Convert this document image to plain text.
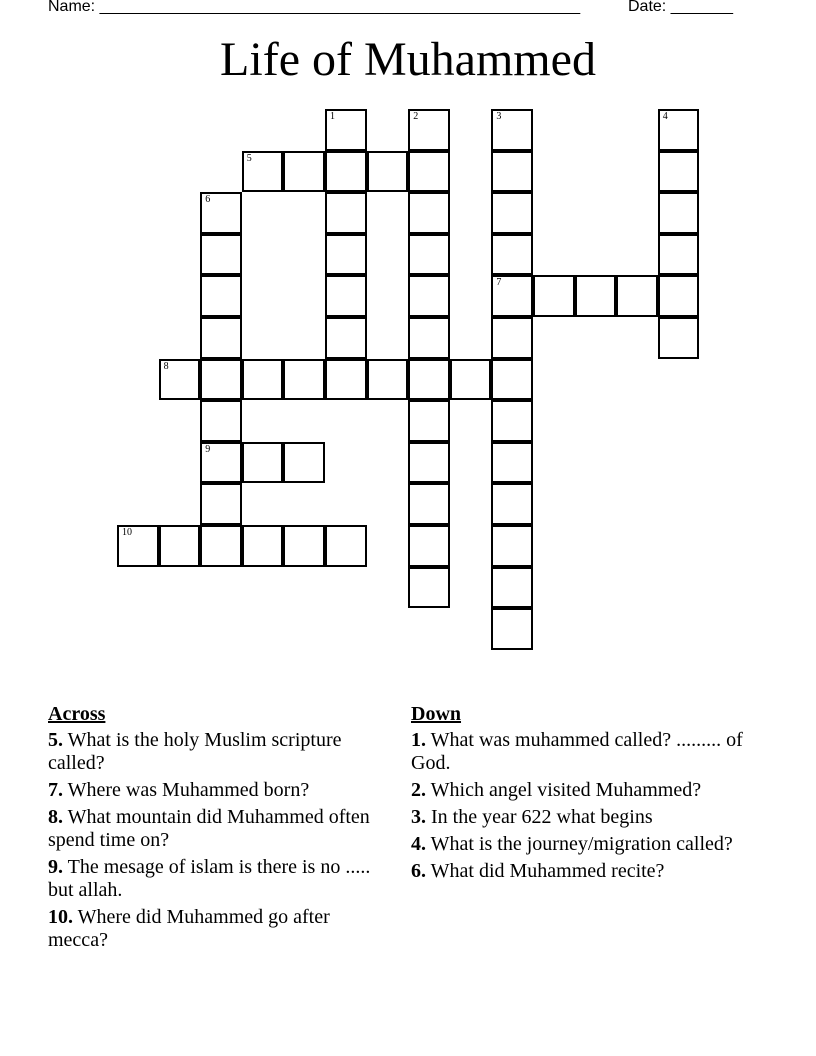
Name: ______________________________________________________	Date: _______
Life of Muhammed
1	2	3
7
4
5
6
9
8
10
Across
5. What is the holy Muslim scripture called?
7. Where was Muhammed born?
8. What mountain did Muhammed often spend time on?
9. The mesage of islam is there is no ..... but allah.
10. Where did Muhammed go after mecca?
Down
1. What was muhammed called? ......... of God.
2. Which angel visited Muhammed?
3. In the year 622 what begins
4. What is the journey/migration called?
6. What did Muhammed recite?
